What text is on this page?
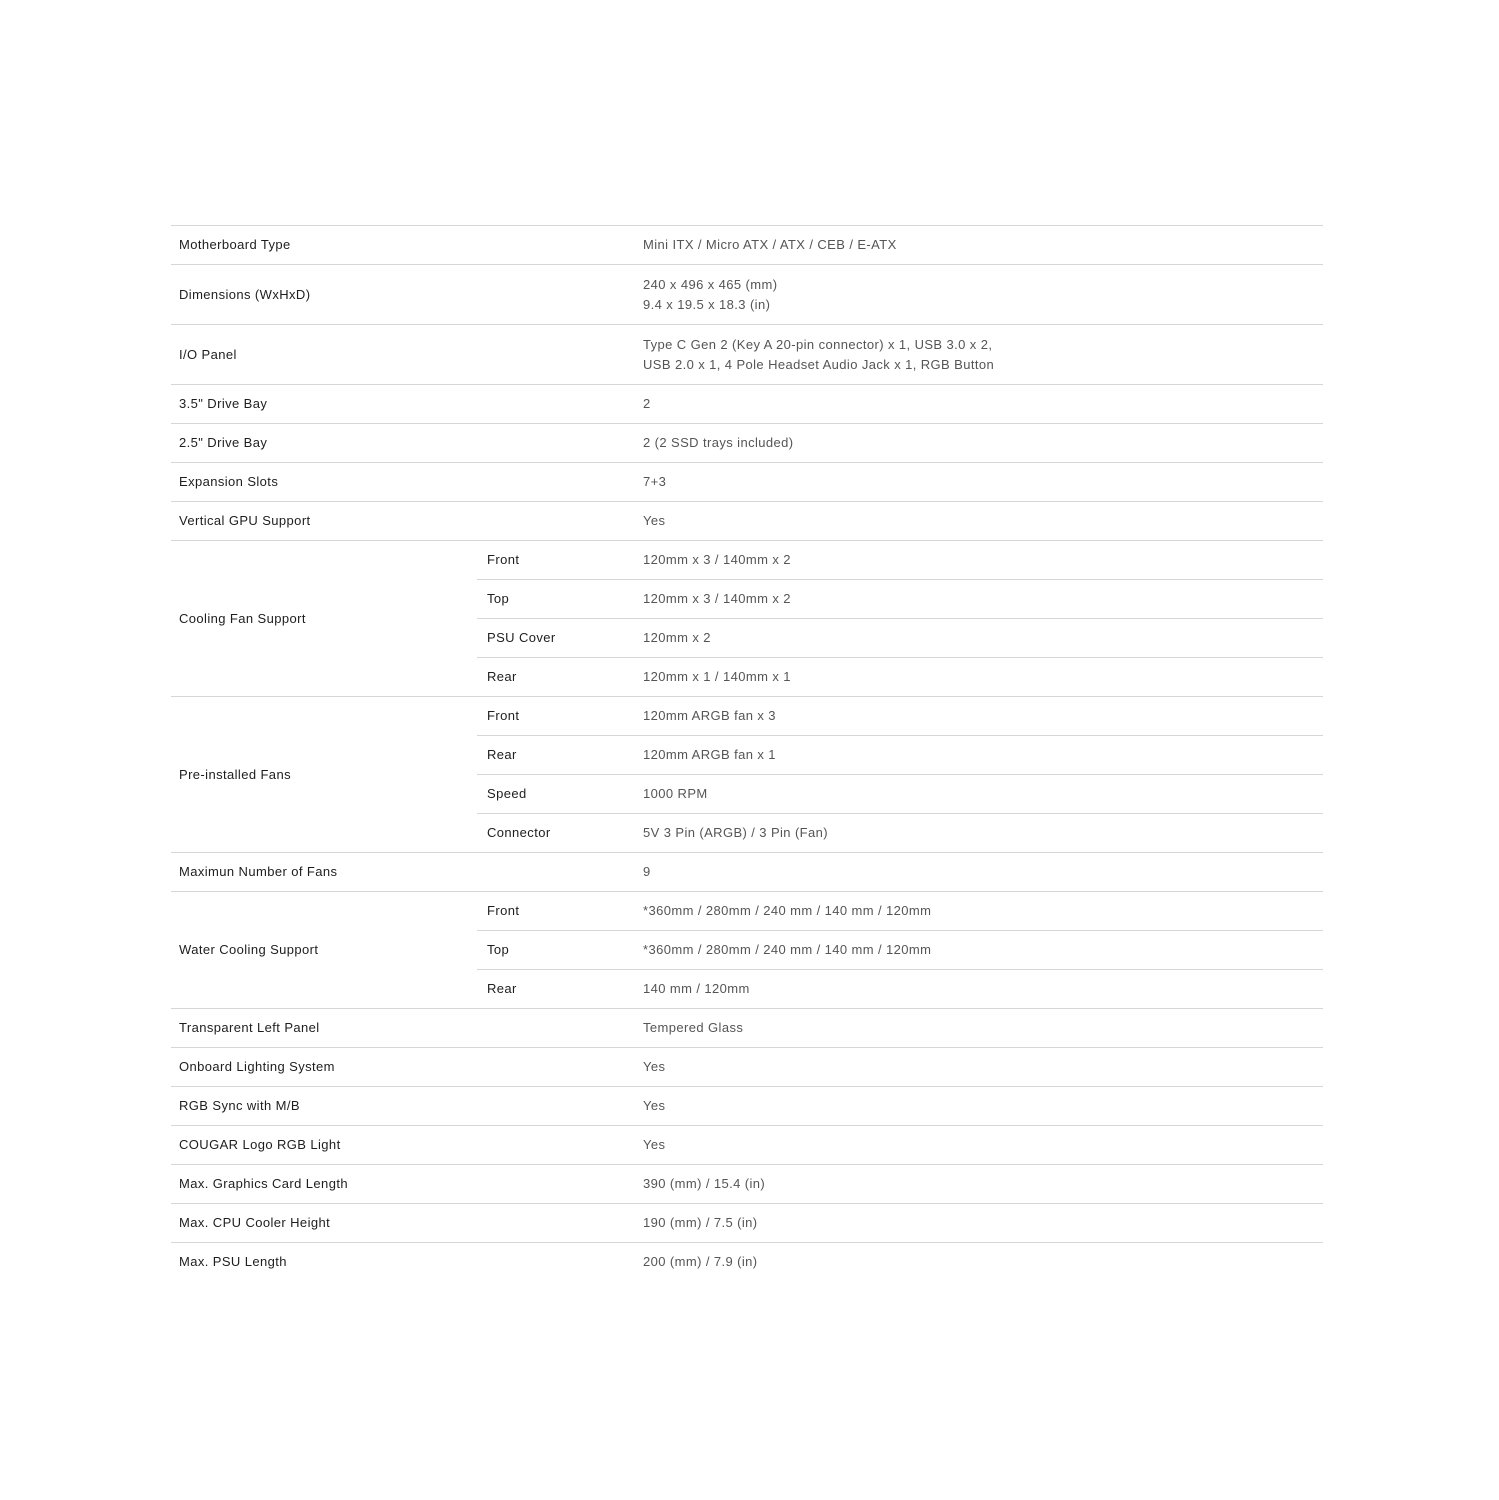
Motherboard Type		Mini ITX / Micro ATX / ATX / CEB / E-ATX
Dimensions (WxHxD)		240 x 496 x 465 (mm)
9.4 x 19.5 x 18.3 (in)

I/O Panel		Type C Gen 2 (Key A 20-pin connector) x 1, USB 3.0 x 2,
USB 2.0 x 1, 4 Pole Headset Audio Jack x 1, RGB Button

3.5" Drive Bay		2
2.5" Drive Bay		2 (2 SSD trays included)
Expansion Slots		7+3
Vertical GPU Support		Yes
Cooling Fan Support	Front	120mm x 3 / 140mm x 2
	Top	120mm x 3 / 140mm x 2
	PSU Cover	120mm x 2
	Rear	120mm x 1 / 140mm x 1
Pre-installed Fans	Front	120mm ARGB fan x 3
	Rear	120mm ARGB fan x 1
	Speed	1000 RPM
	Connector	5V 3 Pin (ARGB) / 3 Pin (Fan)
Maximun Number of Fans		9
Water Cooling Support	Front	*360mm / 280mm / 240 mm / 140 mm / 120mm
	Top	*360mm / 280mm / 240 mm / 140 mm / 120mm
	Rear	140 mm / 120mm
Transparent Left Panel		Tempered Glass
Onboard Lighting System		Yes
RGB Sync with M/B		Yes
COUGAR Logo RGB Light		Yes
Max. Graphics Card Length		390 (mm) / 15.4 (in)
Max. CPU Cooler Height		190 (mm) / 7.5 (in)
Max. PSU Length		200 (mm) / 7.9 (in)
